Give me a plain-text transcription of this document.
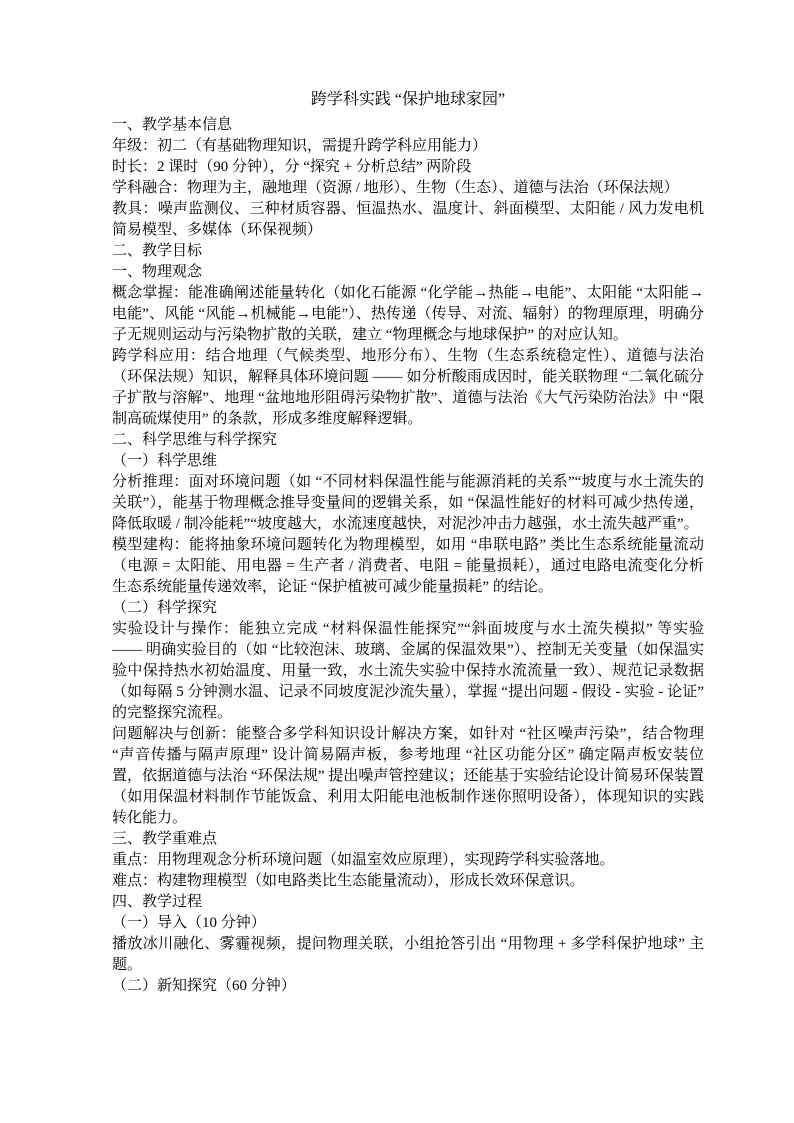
跨学科实践 “保护地球家园”
一、教学基本信息
年级：初二（有基础物理知识，需提升跨学科应用能力）
时长：2 课时（90 分钟），分 “探究 + 分析总结” 两阶段
学科融合：物理为主，融地理（资源 / 地形）、生物（生态）、道德与法治（环保法规）
教具：噪声监测仪、三种材质容器、恒温热水、温度计、斜面模型、太阳能 / 风力发电机简易模型、多媒体（环保视频）
二、教学目标
一、物理观念
概念掌握：能准确阐述能量转化（如化石能源 “化学能→热能→电能”、太阳能 “太阳能→电能”、风能 “风能→机械能→电能”）、热传递（传导、对流、辐射）的物理原理，明确分子无规则运动与污染物扩散的关联，建立 “物理概念与地球保护” 的对应认知。
跨学科应用：结合地理（气候类型、地形分布）、生物（生态系统稳定性）、道德与法治（环保法规）知识，解释具体环境问题 —— 如分析酸雨成因时，能关联物理 “二氧化硫分子扩散与溶解”、地理 “盆地地形阻碍污染物扩散”、道德与法治《大气污染防治法》中 “限制高硫煤使用” 的条款，形成多维度解释逻辑。
二、科学思维与科学探究
（一）科学思维
分析推理：面对环境问题（如 “不同材料保温性能与能源消耗的关系”“坡度与水土流失的关联”），能基于物理概念推导变量间的逻辑关系，如 “保温性能好的材料可减少热传递，降低取暖 / 制冷能耗”“坡度越大，水流速度越快，对泥沙冲击力越强，水土流失越严重”。
模型建构：能将抽象环境问题转化为物理模型，如用 “串联电路” 类比生态系统能量流动（电源 = 太阳能、用电器 = 生产者 / 消费者、电阻 = 能量损耗），通过电路电流变化分析生态系统能量传递效率，论证 “保护植被可减少能量损耗” 的结论。
（二）科学探究
实验设计与操作：能独立完成 “材料保温性能探究”“斜面坡度与水土流失模拟” 等实验 —— 明确实验目的（如 “比较泡沫、玻璃、金属的保温效果”）、控制无关变量（如保温实验中保持热水初始温度、用量一致，水土流失实验中保持水流流量一致）、规范记录数据（如每隔 5 分钟测水温、记录不同坡度泥沙流失量），掌握 “提出问题 - 假设 - 实验 - 论证” 的完整探究流程。
问题解决与创新：能整合多学科知识设计解决方案，如针对 “社区噪声污染”，结合物理 “声音传播与隔声原理” 设计简易隔声板，参考地理 “社区功能分区” 确定隔声板安装位置，依据道德与法治 “环保法规” 提出噪声管控建议；还能基于实验结论设计简易环保装置（如用保温材料制作节能饭盒、利用太阳能电池板制作迷你照明设备），体现知识的实践转化能力。
三、教学重难点
重点：用物理观念分析环境问题（如温室效应原理），实现跨学科实验落地。
难点：构建物理模型（如电路类比生态能量流动），形成长效环保意识。
四、教学过程
（一）导入（10 分钟）
播放冰川融化、雾霾视频，提问物理关联，小组抢答引出 “用物理 + 多学科保护地球” 主题。
（二）新知探究（60 分钟）
